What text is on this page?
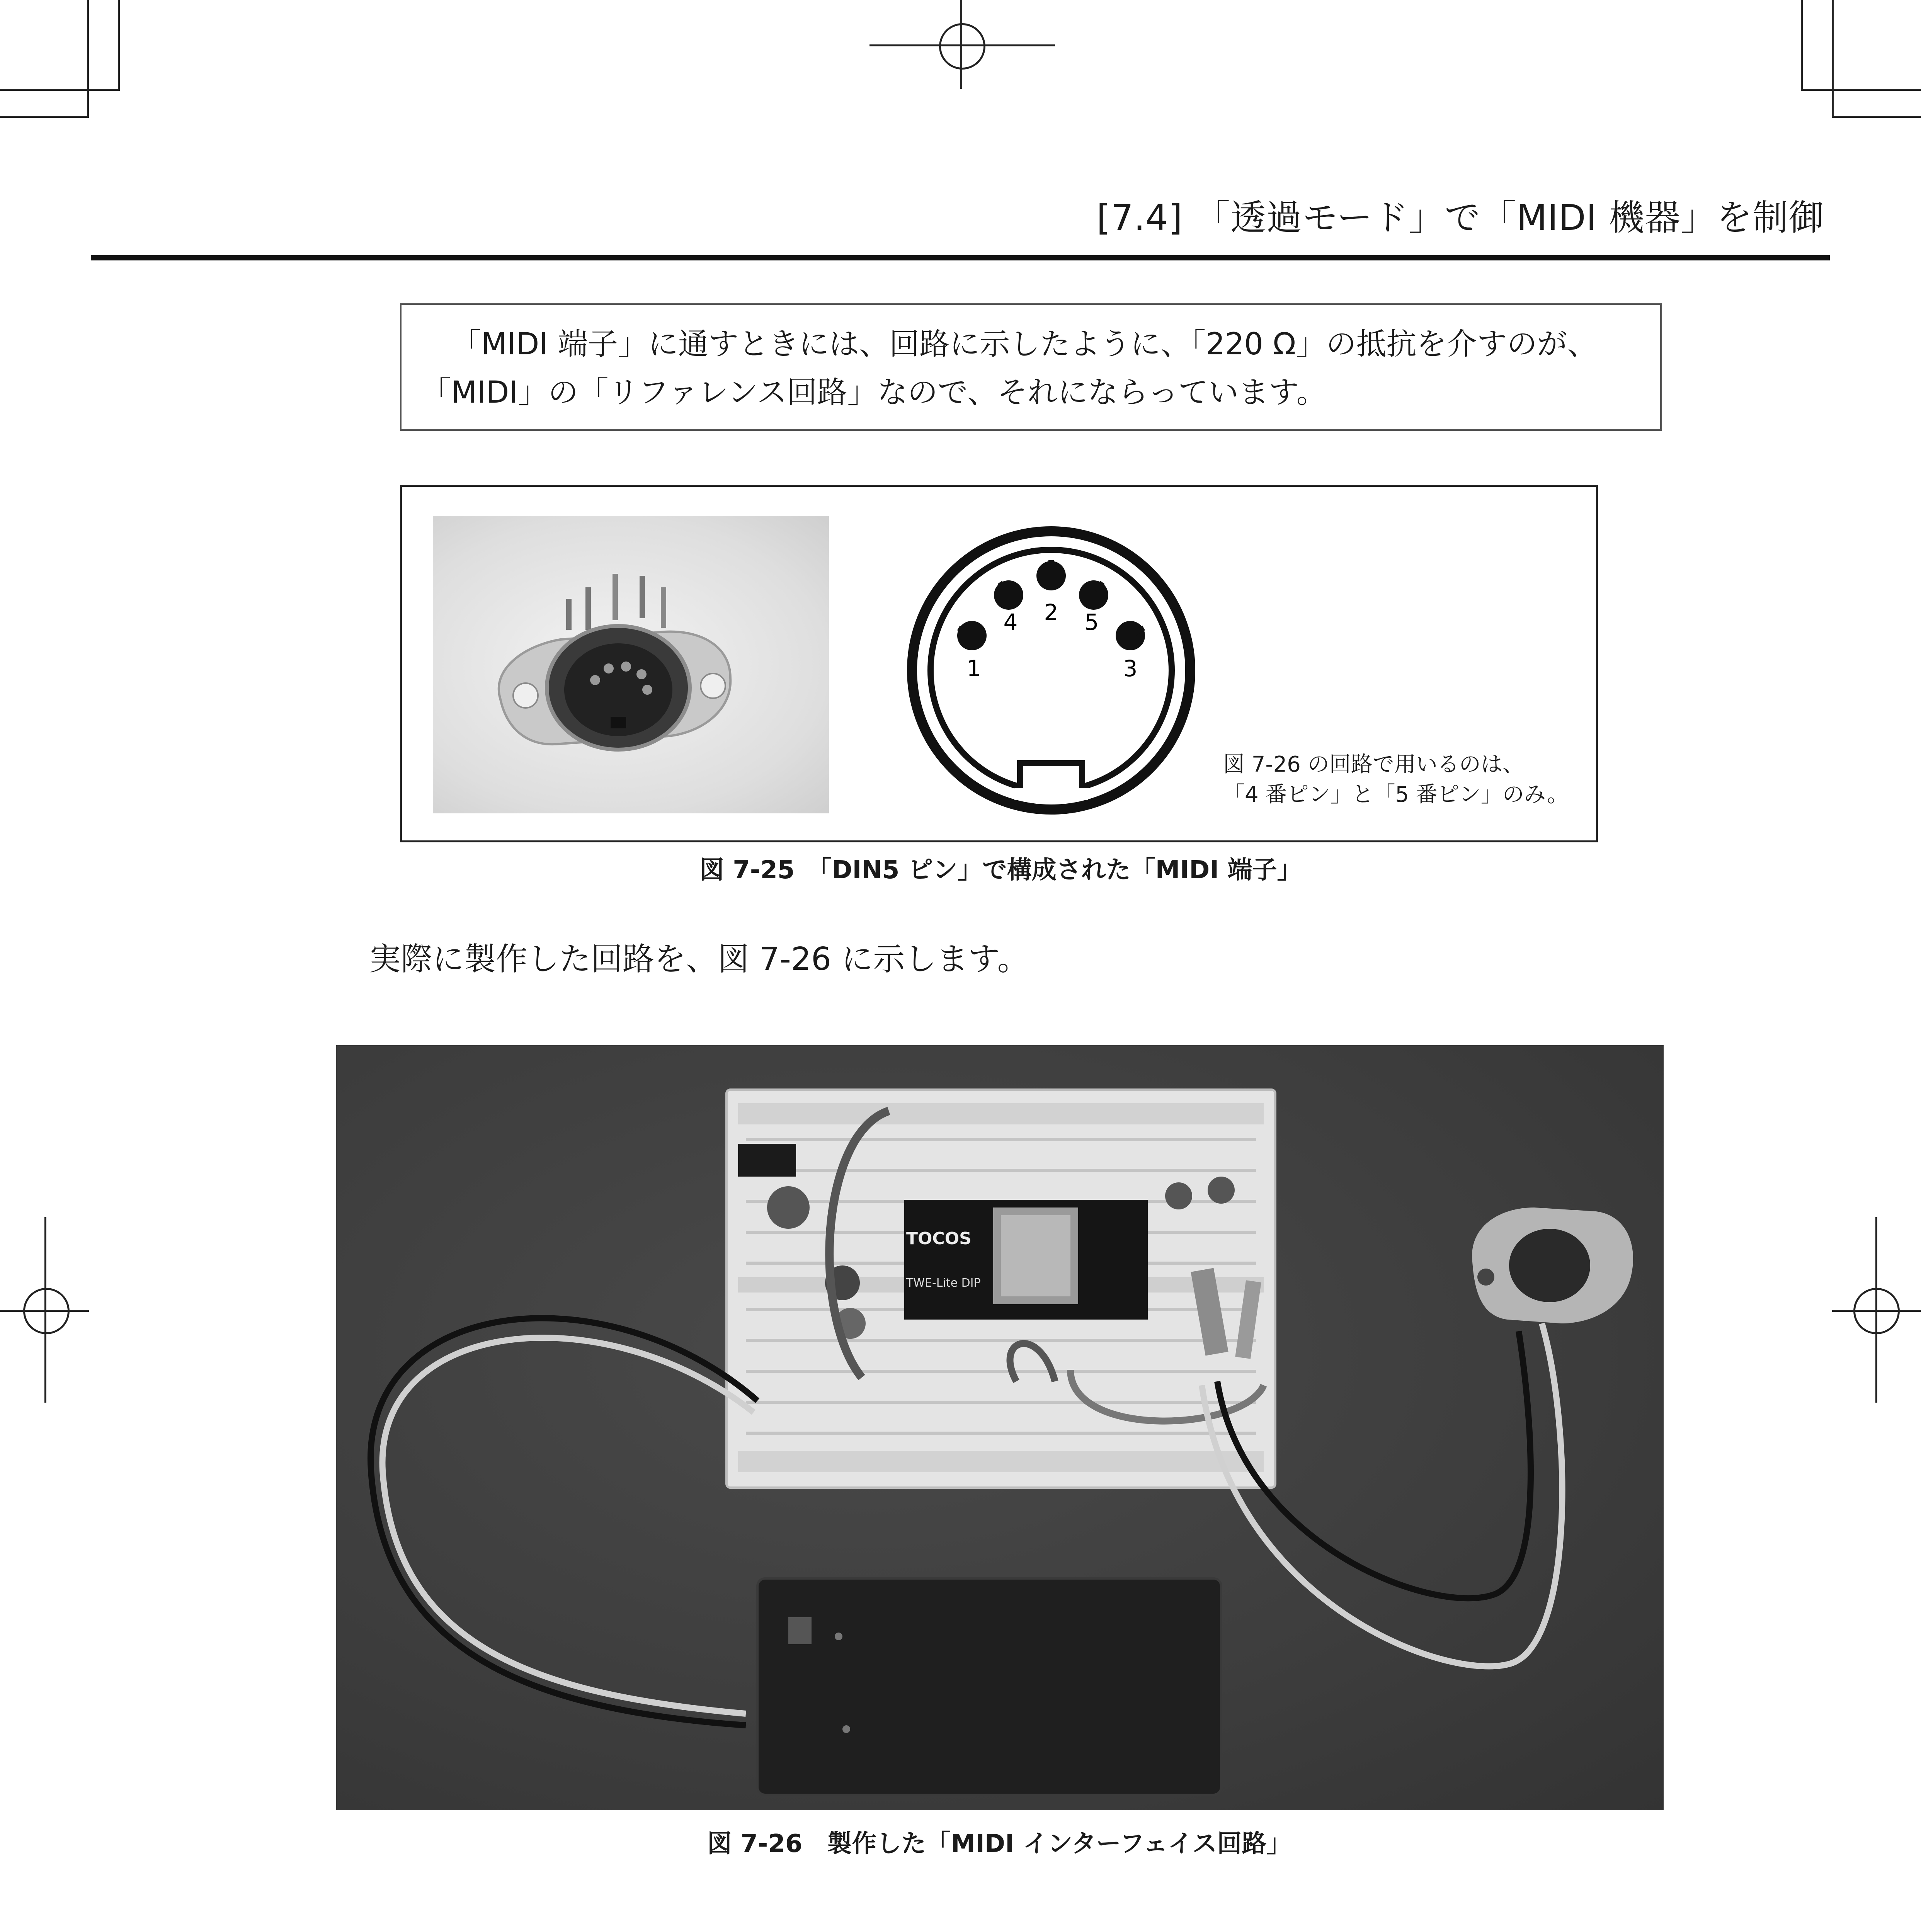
[7.4] 「透過モード」で「MIDI 機器」を制御

「MIDI 端子」に通すときには、回路に示したように、「220 Ω」の抵抗を介すのが、

「MIDI」の「リファレンス回路」なので、それにならっています。

2
4	5
1	3
図 7-26 の回路で用いるのは、
「4 番ピン」と「5 番ピン」のみ。
図 7-25　「DIN5 ピン」で構成された「MIDI 端子」
実際に製作した回路を、図 7-26 に示します。
TOCOS
TWE-Lite DIP
図 7-26　製作した「MIDI インターフェイス回路」
